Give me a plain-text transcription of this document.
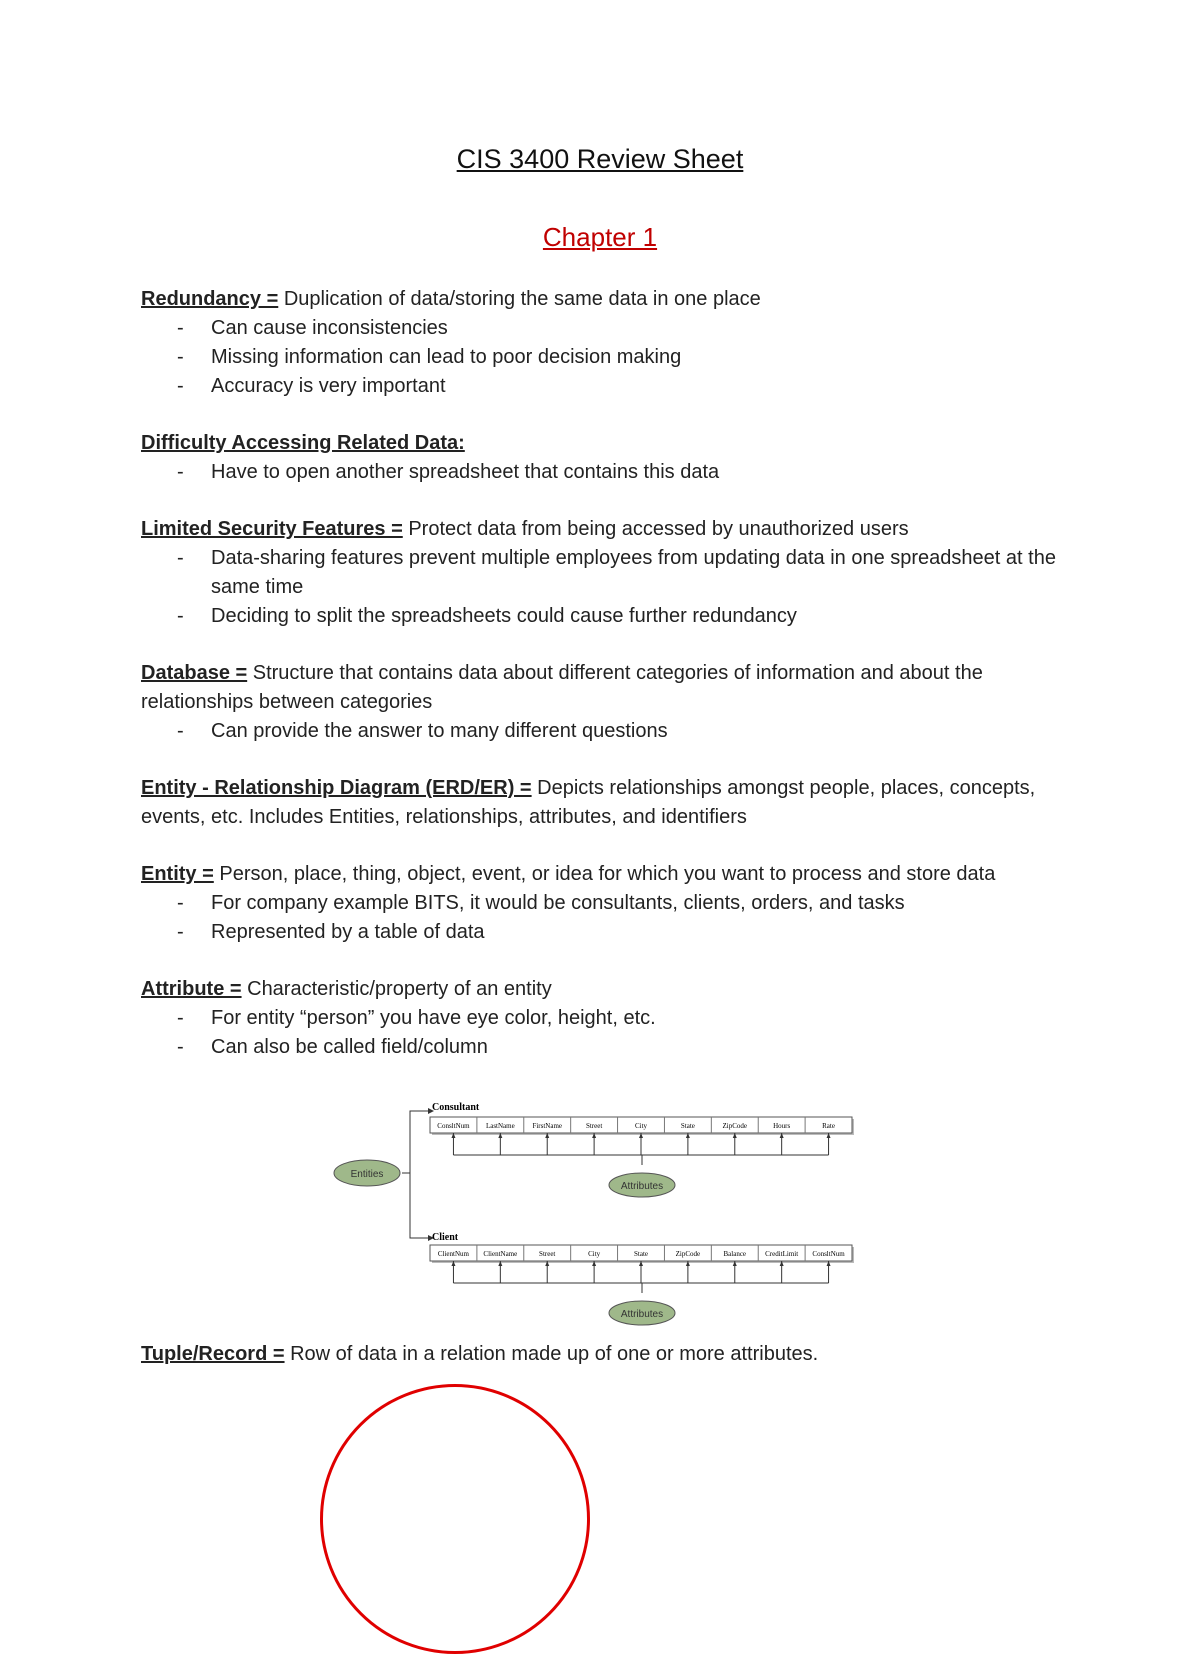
CIS 3400 Review Sheet
Chapter 1
Redundancy = Duplication of data/storing the same data in one place
- Can cause inconsistencies
- Missing information can lead to poor decision making
- Accuracy is very important
Difficulty Accessing Related Data:
- Have to open another spreadsheet that contains this data
Limited Security Features = Protect data from being accessed by unauthorized users
- Data-sharing features prevent multiple employees from updating data in one spreadsheet at the same time
- Deciding to split the spreadsheets could cause further redundancy
Database = Structure that contains data about different categories of information and about the relationships between categories
- Can provide the answer to many different questions
Entity - Relationship Diagram (ERD/ER) = Depicts relationships amongst people, places, concepts, events, etc. Includes Entities, relationships, attributes, and identifiers
Entity = Person, place, thing, object, event, or idea for which you want to process and store data
- For company example BITS, it would be consultants, clients, orders, and tasks
- Represented by a table of data
Attribute = Characteristic/property of an entity
- For entity “person” you have eye color, height, etc.
- Can also be called field/column
Entities
Consultant
Client
ConsltNum LastName	FirstName	Street	City	State	ZipCode	Hours	Rate
ClientNum ClientName	Street	City	State	ZipCode	Balance	CreditLimit ConsltNum
Attributes
Attributes
Tuple/Record = Row of data in a relation made up of one or more attributes.
